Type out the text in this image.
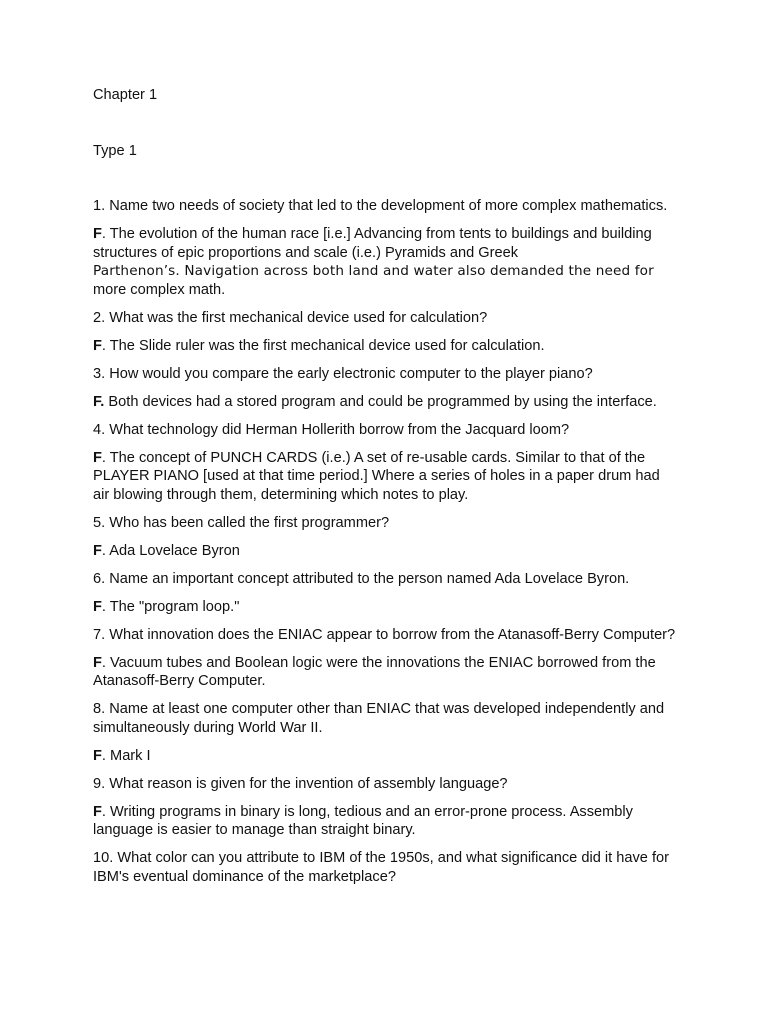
Chapter 1

Type 1

1. Name two needs of society that led to the development of more complex mathematics.

F. The evolution of the human race [i.e.] Advancing from tents to buildings and building structures of epic proportions and scale (i.e.) Pyramids and Greek
Parthenon’s. Navigation across both land and water also demanded the need for
more complex math.

2. What was the first mechanical device used for calculation?

F. The Slide ruler was the first mechanical device used for calculation.

3. How would you compare the early electronic computer to the player piano?

F. Both devices had a stored program and could be programmed by using the interface.

4. What technology did Herman Hollerith borrow from the Jacquard loom?

F. The concept of PUNCH CARDS (i.e.) A set of re-usable cards. Similar to that of the PLAYER PIANO [used at that time period.] Where a series of holes in a paper drum had air blowing through them, determining which notes to play.

5. Who has been called the first programmer?

F. Ada Lovelace Byron

6. Name an important concept attributed to the person named Ada Lovelace Byron.

F. The "program loop."

7. What innovation does the ENIAC appear to borrow from the Atanasoff-Berry Computer?

F. Vacuum tubes and Boolean logic were the innovations the ENIAC borrowed from the Atanasoff-Berry Computer.

8. Name at least one computer other than ENIAC that was developed independently and simultaneously during World War II.

F. Mark I

9. What reason is given for the invention of assembly language?

F. Writing programs in binary is long, tedious and an error-prone process. Assembly language is easier to manage than straight binary.

10. What color can you attribute to IBM of the 1950s, and what significance did it have for IBM's eventual dominance of the marketplace?
